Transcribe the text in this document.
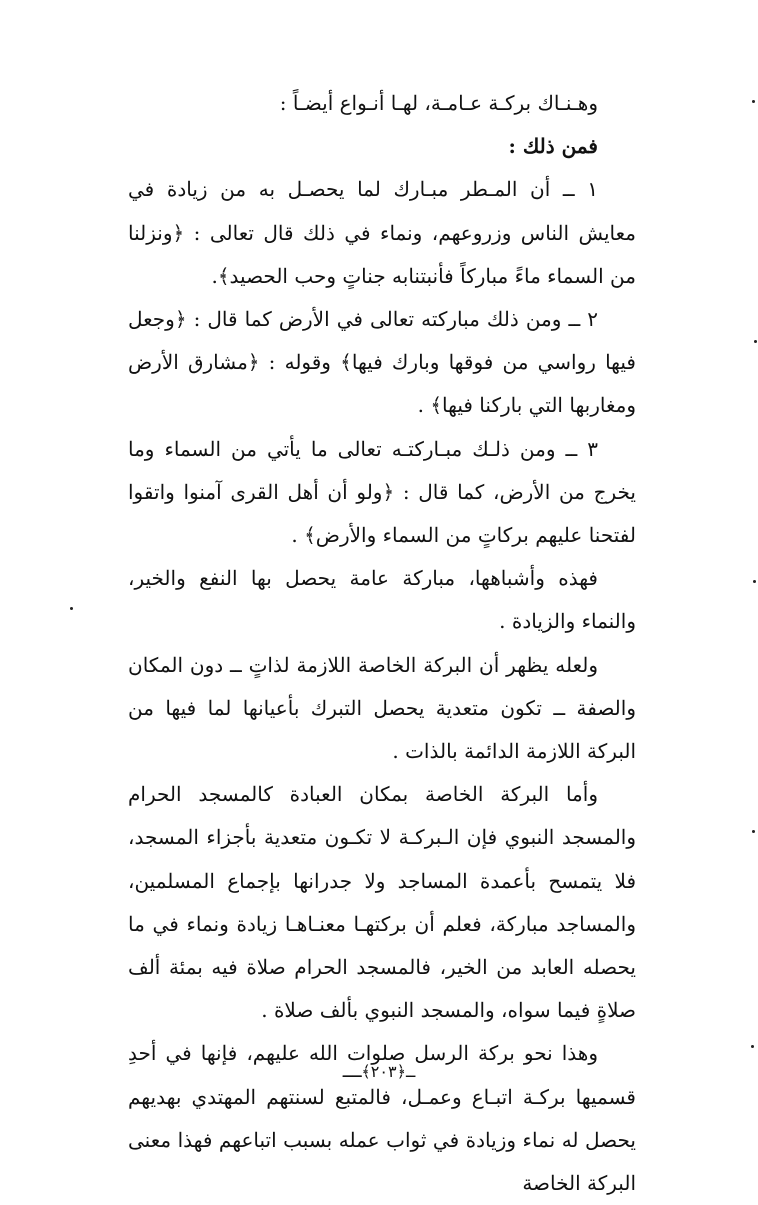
وهـنـاك بركـة عـامـة، لهـا أنـواع أيضـاً :

فمن ذلك :

١ ــ أن المـطر مبـارك لما يحصـل به من زيادة في معايش الناس وزروعهم، ونماء في ذلك قال تعالى : ﴿ونزلنا من السماء ماءً مباركاً فأنبتنابه جناتٍ وحب الحصيد﴾.

٢ ــ ومن ذلك مباركته تعالى في الأرض كما قال : ﴿وجعل فيها رواسي من فوقها وبارك فيها﴾ وقوله : ﴿مشارق الأرض ومغاربها التي باركنا فيها﴾ .

٣ ــ ومن ذلـك مبـاركتـه تعالى ما يأتي من السماء وما يخرج من الأرض، كما قال : ﴿ولو أن أهل القرى آمنوا واتقوا لفتحنا عليهم بركاتٍ من السماء والأرض﴾ .

فهذه وأشباهها، مباركة عامة يحصل بها النفع والخير، والنماء والزيادة .

ولعله يظهر أن البركة الخاصة اللازمة لذاتٍ ــ دون المكان والصفة ــ تكون متعدية يحصل التبرك بأعيانها لما فيها من البركة اللازمة الدائمة بالذات .

وأما البركة الخاصة بمكان العبادة كالمسجد الحرام والمسجد النبوي فإن الـبركـة لا تكـون متعدية بأجزاء المسجد، فلا يتمسح بأعمدة المساجد ولا جدرانها بإجماع المسلمين، والمساجد مباركة، فعلم أن بركتهـا معنـاهـا زيادة ونماء في ما يحصله العابد من الخير، فالمسجد الحرام صلاة فيه بمئة ألف صلاةٍ فيما سواه، والمسجد النبوي بألف صلاة .

وهذا نحو بركة الرسل صلوات الله عليهم، فإنها في أحدِ قسميها بركـة اتبـاع وعمـل، فالمتبع لسنتهم المهتدي بهديهم يحصل له نماء وزيادة في ثواب عمله بسبب اتباعهم فهذا معنى البركة الخاصة

ــ﴿٢٠٣﴾ــ
